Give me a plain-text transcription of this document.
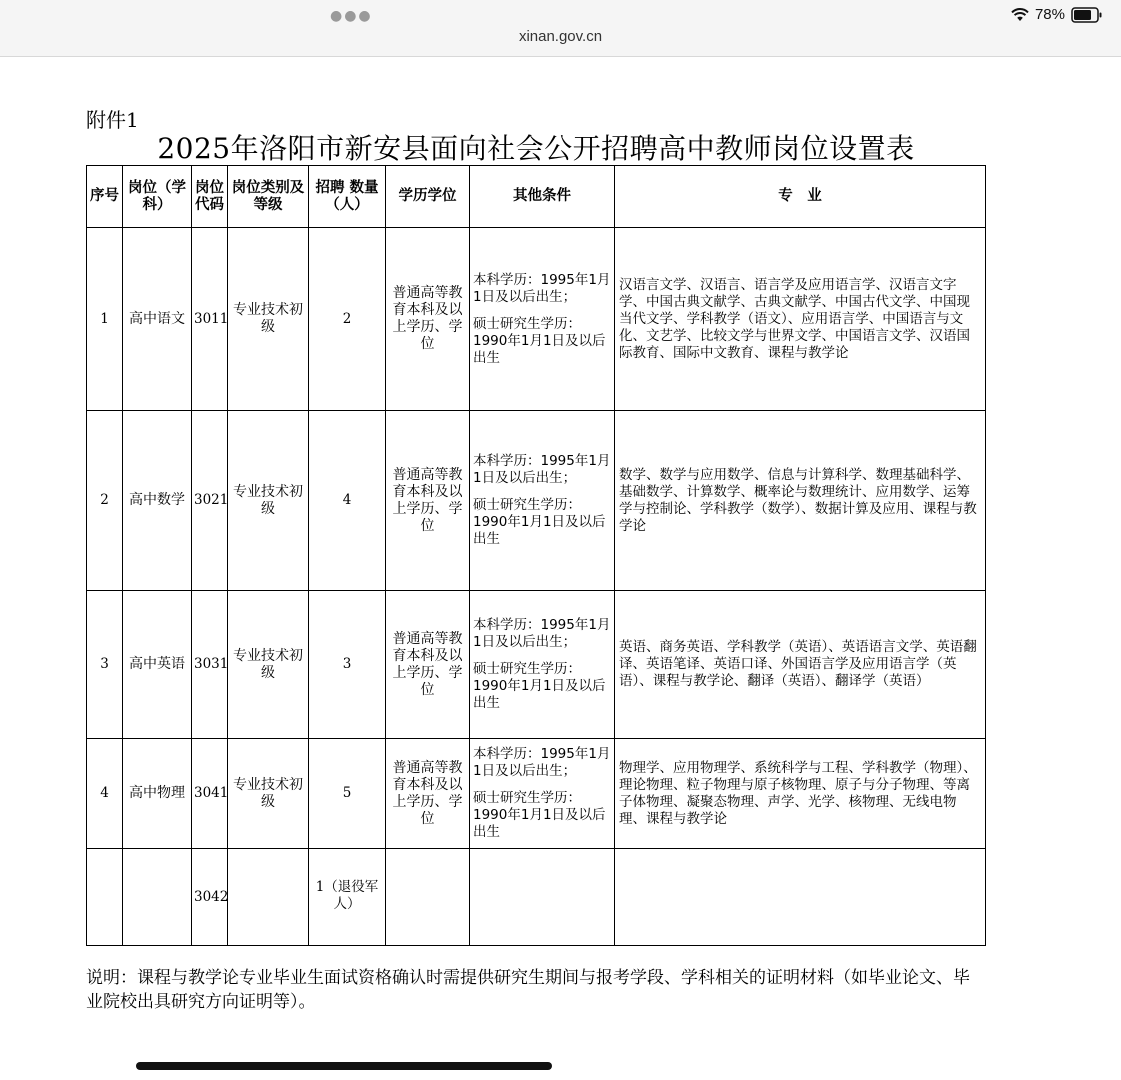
●●●
xinan.gov.cn
78%
附件1
2025年洛阳市新安县面向社会公开招聘高中教师岗位设置表
序号	岗位（学科）	岗位代码	岗位类别及等级	招聘 数量（人）	学历学位	其他条件	专　业
1	高中语文	3011	专业技术初级	2	普通高等教育本科及以上学历、学位	本科学历：1995年1月1日及以后出生；
硕士研究生学历：1990年1月1日及以后出生	汉语言文学、汉语言、语言学及应用语言学、汉语言文字学、中国古典文献学、古典文献学、中国古代文学、中国现当代文学、学科教学（语文）、应用语言学、中国语言与文化、文艺学、比较文学与世界文学、中国语言文学、汉语国际教育、国际中文教育、课程与教学论
2	高中数学	3021	专业技术初级	4	普通高等教育本科及以上学历、学位	本科学历：1995年1月1日及以后出生；
硕士研究生学历：1990年1月1日及以后出生	数学、数学与应用数学、信息与计算科学、数理基础科学、基础数学、计算数学、概率论与数理统计、应用数学、运筹学与控制论、学科教学（数学）、数据计算及应用、课程与教学论
3	高中英语	3031	专业技术初级	3	普通高等教育本科及以上学历、学位	本科学历：1995年1月1日及以后出生；
硕士研究生学历：1990年1月1日及以后出生	英语、商务英语、学科教学（英语）、英语语言文学、英语翻译、英语笔译、英语口译、外国语言学及应用语言学（英语）、课程与教学论、翻译（英语）、翻译学（英语）
4	高中物理	3041	专业技术初级	5	普通高等教育本科及以上学历、学位	本科学历：1995年1月1日及以后出生；
硕士研究生学历：1990年1月1日及以后出生	物理学、应用物理学、系统科学与工程、学科教学（物理）、理论物理、粒子物理与原子核物理、原子与分子物理、等离子体物理、凝聚态物理、声学、光学、核物理、无线电物理、课程与教学论
		3042		1（退役军人）			
说明：课程与教学论专业毕业生面试资格确认时需提供研究生期间与报考学段、学科相关的证明材料（如毕业论文、毕业院校出具研究方向证明等）。
